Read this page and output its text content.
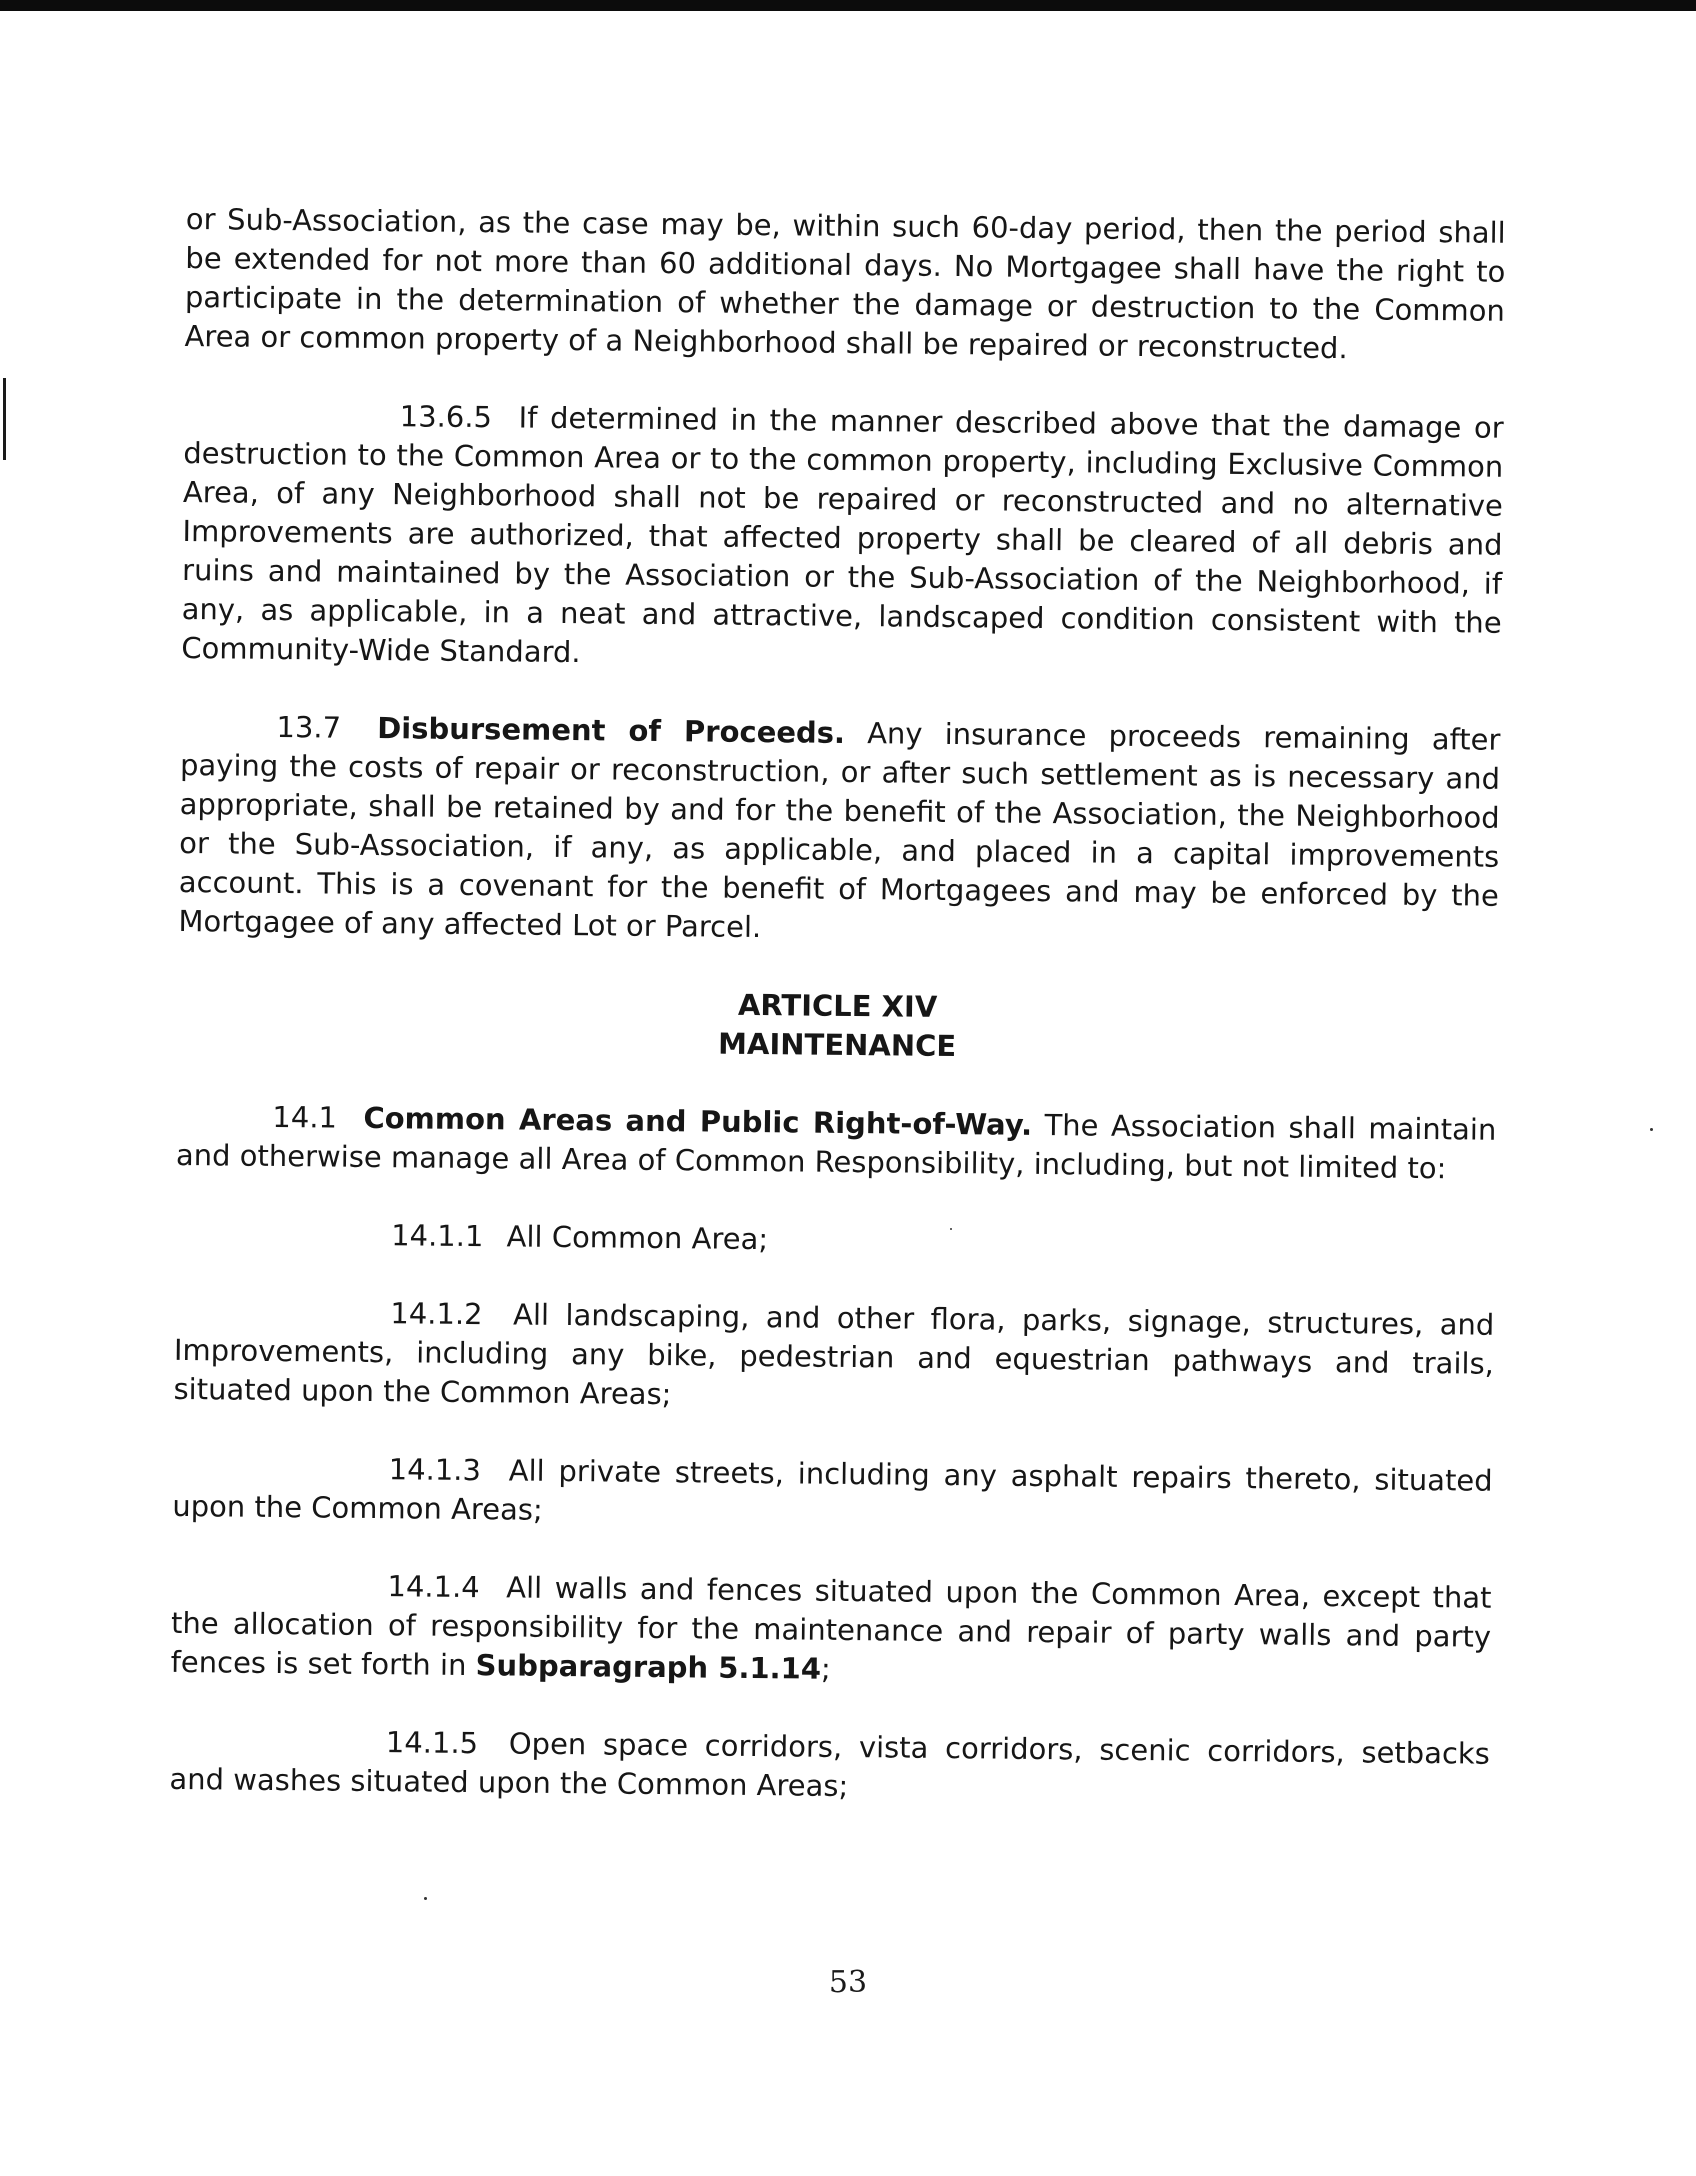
or Sub-Association, as the case may be, within such 60-day period, then the period shall be extended for not more than 60 additional days. No Mortgagee shall have the right to participate in the determination of whether the damage or destruction to the Common Area or common property of a Neighborhood shall be repaired or reconstructed.

13.6.5 If determined in the manner described above that the damage or destruction to the Common Area or to the common property, including Exclusive Common Area, of any Neighborhood shall not be repaired or reconstructed and no alternative Improvements are authorized, that affected property shall be cleared of all debris and ruins and maintained by the Association or the Sub-Association of the Neighborhood, if any, as applicable, in a neat and attractive, landscaped condition consistent with the Community-Wide Standard.

13.7 Disbursement of Proceeds. Any insurance proceeds remaining after paying the costs of repair or reconstruction, or after such settlement as is necessary and appropriate, shall be retained by and for the benefit of the Association, the Neighborhood or the Sub-Association, if any, as applicable, and placed in a capital improvements account. This is a covenant for the benefit of Mortgagees and may be enforced by the Mortgagee of any affected Lot or Parcel.

ARTICLE XIV

MAINTENANCE

14.1 Common Areas and Public Right-of-Way. The Association shall maintain and otherwise manage all Area of Common Responsibility, including, but not limited to:

14.1.1 All Common Area;

14.1.2 All landscaping, and other flora, parks, signage, structures, and Improvements, including any bike, pedestrian and equestrian pathways and trails, situated upon the Common Areas;

14.1.3 All private streets, including any asphalt repairs thereto, situated upon the Common Areas;

14.1.4 All walls and fences situated upon the Common Area, except that the allocation of responsibility for the maintenance and repair of party walls and party fences is set forth in Subparagraph 5.1.14;

14.1.5 Open space corridors, vista corridors, scenic corridors, setbacks and washes situated upon the Common Areas;

53
